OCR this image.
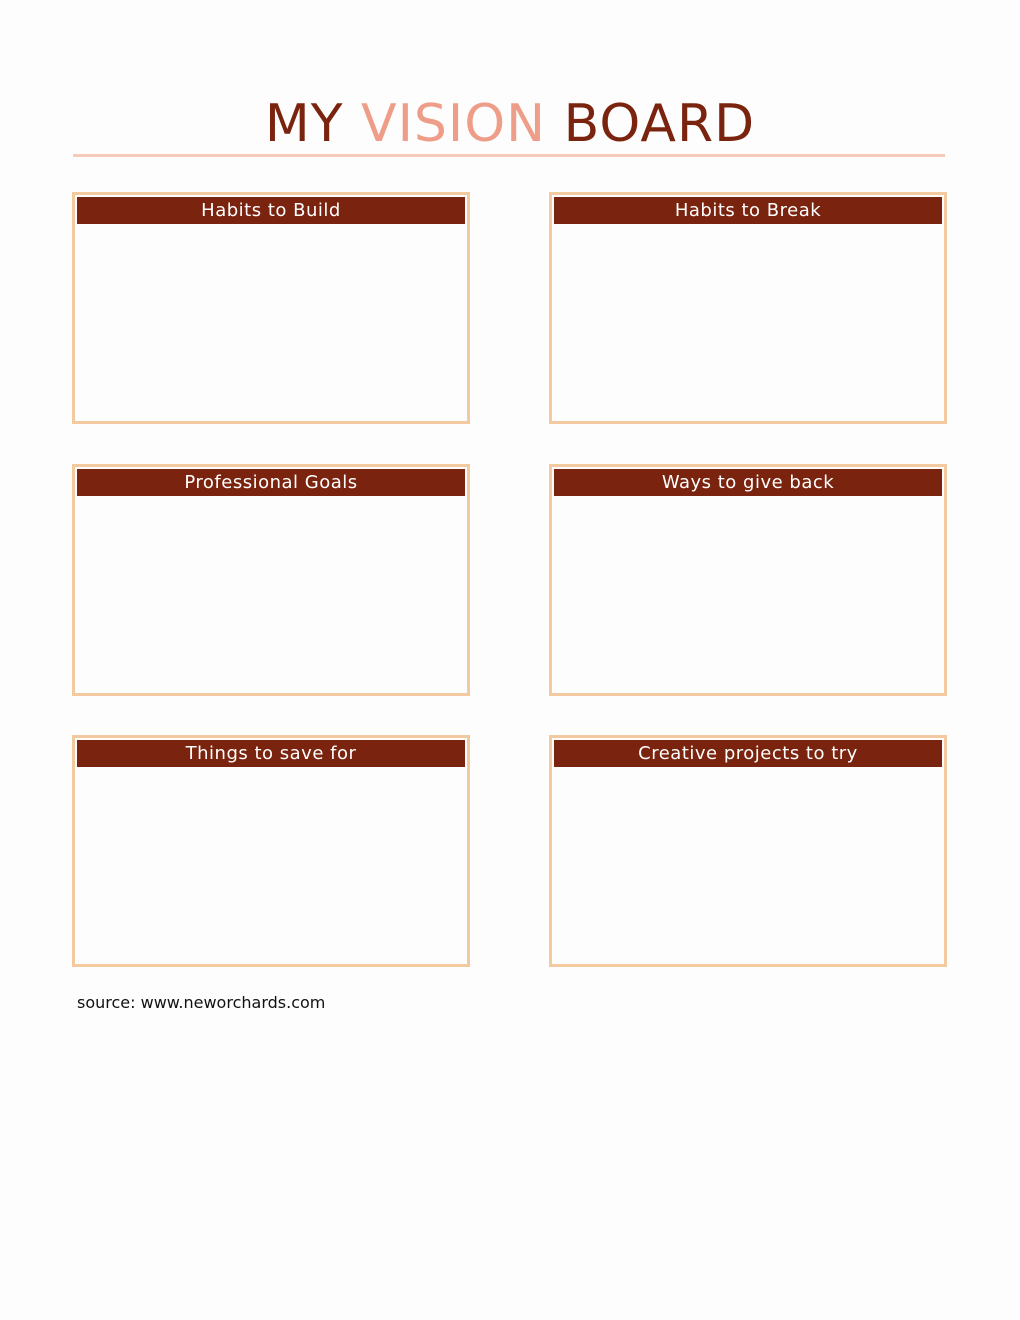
MY VISION BOARD
Habits to Build	Habits to Break
Professional Goals	Ways to give back
Things to save for	Creative projects to try
source: www.neworchards.com
